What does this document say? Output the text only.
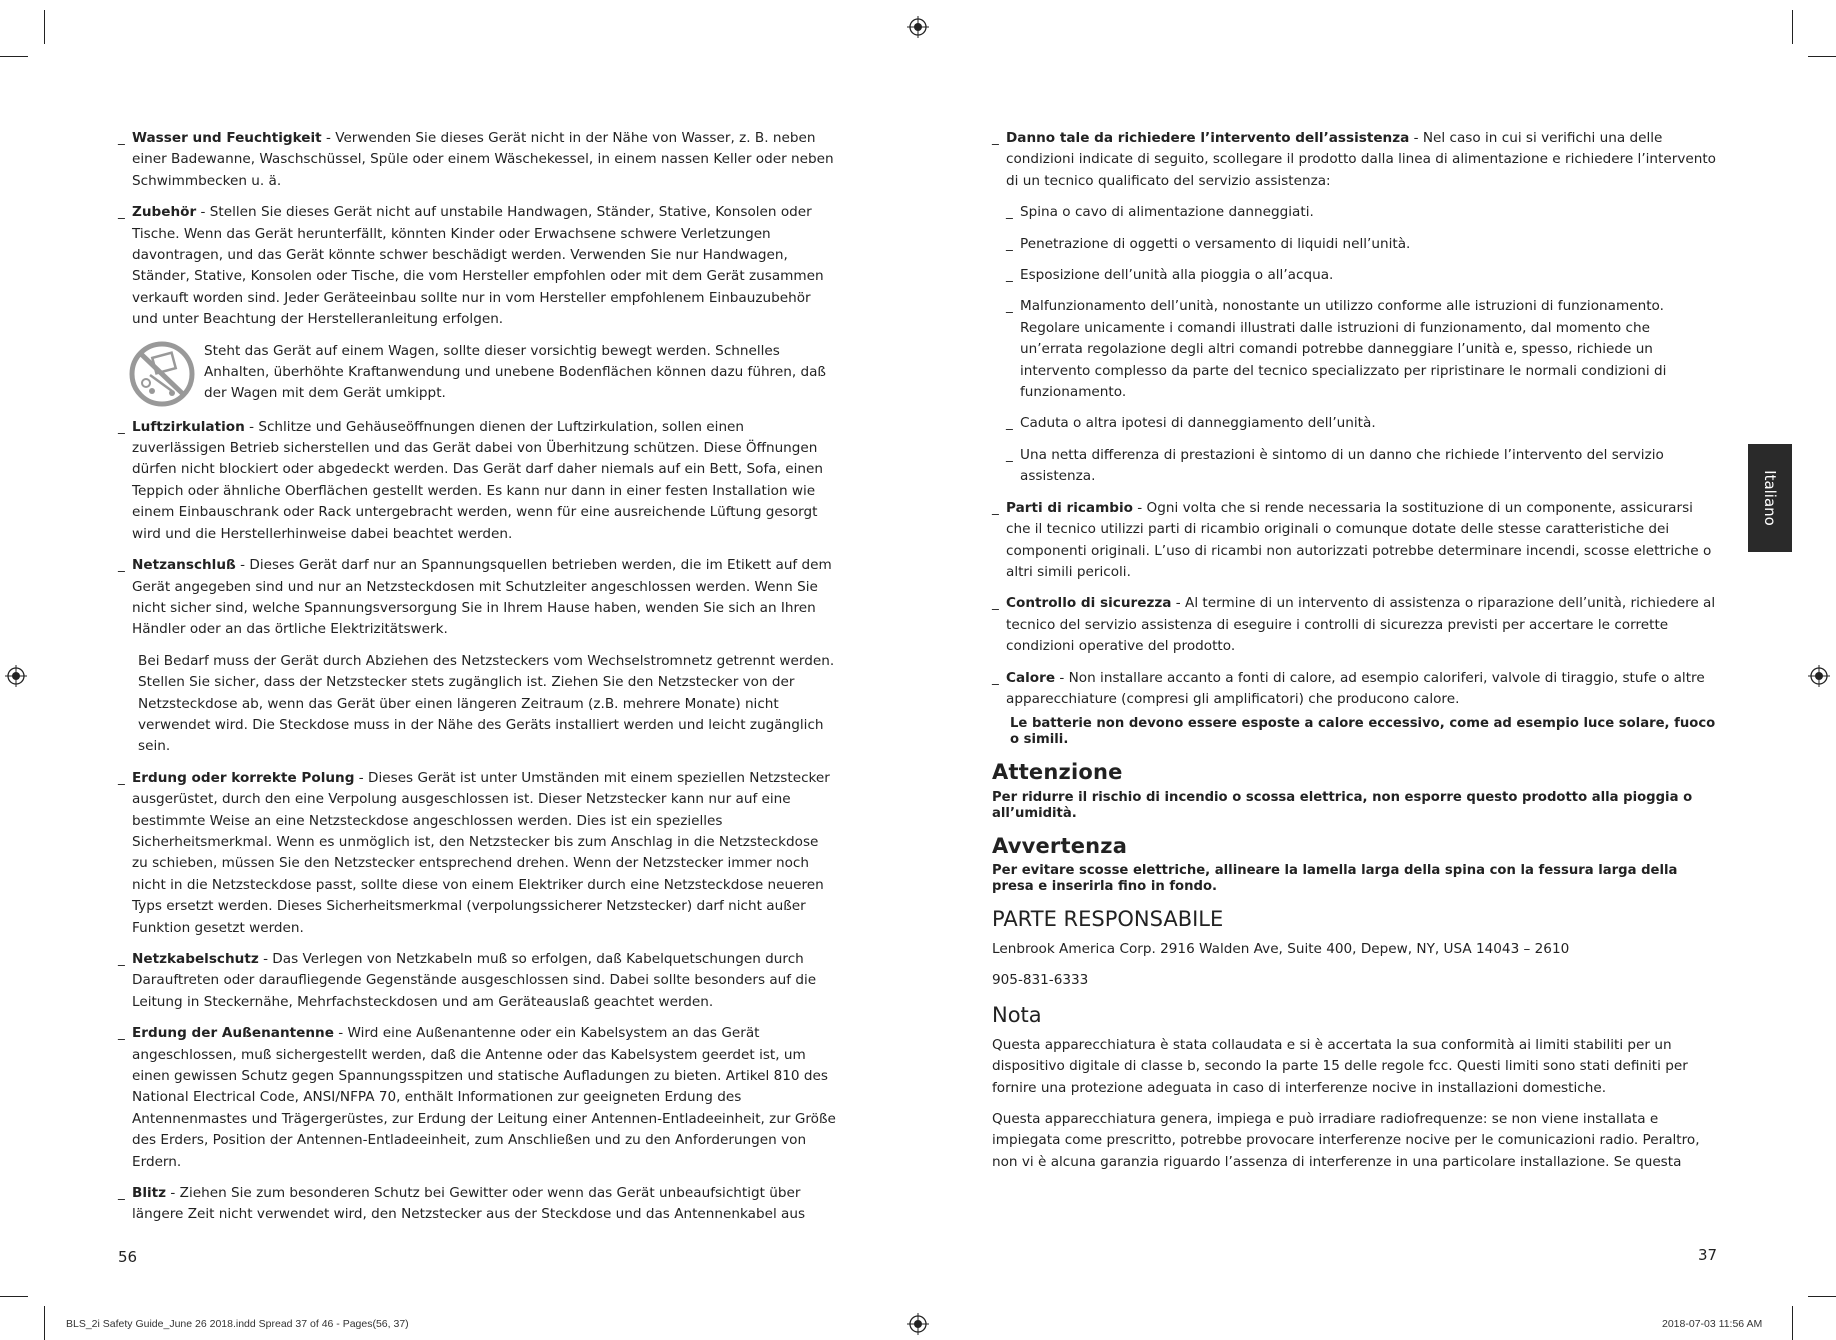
_ Wasser und Feuchtigkeit - Verwenden Sie dieses Gerät nicht in der Nähe von Wasser, z. B. neben einer Badewanne, Waschschüssel, Spüle oder einem Wäschekessel, in einem nassen Keller oder neben Schwimmbecken u. ä.

_ Zubehör - Stellen Sie dieses Gerät nicht auf unstabile Handwagen, Ständer, Stative, Konsolen oder Tische. Wenn das Gerät herunterfällt, könnten Kinder oder Erwachsene schwere Verletzungen davontragen, und das Gerät könnte schwer beschädigt werden. Verwenden Sie nur Handwagen, Ständer, Stative, Konsolen oder Tische, die vom Hersteller empfohlen oder mit dem Gerät zusammen verkauft worden sind. Jeder Geräteeinbau sollte nur in vom Hersteller empfohlenem Einbauzubehör und unter Beachtung der Herstelleranleitung erfolgen.

Steht das Gerät auf einem Wagen, sollte dieser vorsichtig bewegt werden. Schnelles Anhalten, überhöhte Kraftanwendung und unebene Bodenflächen können dazu führen, daß der Wagen mit dem Gerät umkippt.

_ Luftzirkulation - Schlitze und Gehäuseöffnungen dienen der Luftzirkulation, sollen einen zuverlässigen Betrieb sicherstellen und das Gerät dabei von Überhitzung schützen. Diese Öffnungen dürfen nicht blockiert oder abgedeckt werden. Das Gerät darf daher niemals auf ein Bett, Sofa, einen Teppich oder ähnliche Oberflächen gestellt werden. Es kann nur dann in einer festen Installation wie einem Einbauschrank oder Rack untergebracht werden, wenn für eine ausreichende Lüftung gesorgt wird und die Herstellerhinweise dabei beachtet werden.

_ Netzanschluß - Dieses Gerät darf nur an Spannungsquellen betrieben werden, die im Etikett auf dem Gerät angegeben sind und nur an Netzsteckdosen mit Schutzleiter angeschlossen werden. Wenn Sie nicht sicher sind, welche Spannungsversorgung Sie in Ihrem Hause haben, wenden Sie sich an Ihren Händler oder an das örtliche Elektrizitätswerk.

Bei Bedarf muss der Gerät durch Abziehen des Netzsteckers vom Wechselstromnetz getrennt werden. Stellen Sie sicher, dass der Netzstecker stets zugänglich ist. Ziehen Sie den Netzstecker von der Netzsteckdose ab, wenn das Gerät über einen längeren Zeitraum (z.B. mehrere Monate) nicht verwendet wird. Die Steckdose muss in der Nähe des Geräts installiert werden und leicht zugänglich sein.

_ Erdung oder korrekte Polung - Dieses Gerät ist unter Umständen mit einem speziellen Netzstecker ausgerüstet, durch den eine Verpolung ausgeschlossen ist. Dieser Netzstecker kann nur auf eine bestimmte Weise an eine Netzsteckdose angeschlossen werden. Dies ist ein spezielles Sicherheitsmerkmal. Wenn es unmöglich ist, den Netzstecker bis zum Anschlag in die Netzsteckdose zu schieben, müssen Sie den Netzstecker entsprechend drehen. Wenn der Netzstecker immer noch nicht in die Netzsteckdose passt, sollte diese von einem Elektriker durch eine Netzsteckdose neueren Typs ersetzt werden. Dieses Sicherheitsmerkmal (verpolungssicherer Netzstecker) darf nicht außer Funktion gesetzt werden.

_ Netzkabelschutz - Das Verlegen von Netzkabeln muß so erfolgen, daß Kabelquetschungen durch Darauftreten oder daraufliegende Gegenstände ausgeschlossen sind. Dabei sollte besonders auf die Leitung in Steckernähe, Mehrfachsteckdosen und am Geräteauslaß geachtet werden.

_ Erdung der Außenantenne - Wird eine Außenantenne oder ein Kabelsystem an das Gerät angeschlossen, muß sichergestellt werden, daß die Antenne oder das Kabelsystem geerdet ist, um einen gewissen Schutz gegen Spannungsspitzen und statische Aufladungen zu bieten. Artikel 810 des National Electrical Code, ANSI/NFPA 70, enthält Informationen zur geeigneten Erdung des Antennenmastes und Trägergerüstes, zur Erdung der Leitung einer Antennen-Entladeeinheit, zur Größe des Erders, Position der Antennen-Entladeeinheit, zum Anschließen und zu den Anforderungen von Erdern.

_ Blitz - Ziehen Sie zum besonderen Schutz bei Gewitter oder wenn das Gerät unbeaufsichtigt über längere Zeit nicht verwendet wird, den Netzstecker aus der Steckdose und das Antennenkabel aus

56

_ Danno tale da richiedere l’intervento dell’assistenza - Nel caso in cui si verifichi una delle condizioni indicate di seguito, scollegare il prodotto dalla linea di alimentazione e richiedere l’intervento di un tecnico qualificato del servizio assistenza:

_ Spina o cavo di alimentazione danneggiati.

_ Penetrazione di oggetti o versamento di liquidi nell’unità.

_ Esposizione dell’unità alla pioggia o all’acqua.

_ Malfunzionamento dell’unità, nonostante un utilizzo conforme alle istruzioni di funzionamento. Regolare unicamente i comandi illustrati dalle istruzioni di funzionamento, dal momento che un’errata regolazione degli altri comandi potrebbe danneggiare l’unità e, spesso, richiede un intervento complesso da parte del tecnico specializzato per ripristinare le normali condizioni di funzionamento.

_ Caduta o altra ipotesi di danneggiamento dell’unità.

_ Una netta differenza di prestazioni è sintomo di un danno che richiede l’intervento del servizio assistenza.

_ Parti di ricambio - Ogni volta che si rende necessaria la sostituzione di un componente, assicurarsi che il tecnico utilizzi parti di ricambio originali o comunque dotate delle stesse caratteristiche dei componenti originali. L’uso di ricambi non autorizzati potrebbe determinare incendi, scosse elettriche o altri simili pericoli.

_ Controllo di sicurezza - Al termine di un intervento di assistenza o riparazione dell’unità, richiedere al tecnico del servizio assistenza di eseguire i controlli di sicurezza previsti per accertare le corrette condizioni operative del prodotto.

_ Calore - Non installare accanto a fonti di calore, ad esempio caloriferi, valvole di tiraggio, stufe o altre apparecchiature (compresi gli amplificatori) che producono calore.

Le batterie non devono essere esposte a calore eccessivo, come ad esempio luce solare, fuoco o simili.

Attenzione

Per ridurre il rischio di incendio o scossa elettrica, non esporre questo prodotto alla pioggia o all’umidità.

Avvertenza

Per evitare scosse elettriche, allineare la lamella larga della spina con la fessura larga della presa e inserirla fino in fondo.

PARTE RESPONSABILE

Lenbrook America Corp. 2916 Walden Ave, Suite 400, Depew, NY, USA 14043 – 2610

905-831-6333

Nota

Questa apparecchiatura è stata collaudata e si è accertata la sua conformità ai limiti stabiliti per un dispositivo digitale di classe b, secondo la parte 15 delle regole fcc. Questi limiti sono stati definiti per fornire una protezione adeguata in caso di interferenze nocive in installazioni domestiche.

Questa apparecchiatura genera, impiega e può irradiare radiofrequenze: se non viene installata e impiegata come prescritto, potrebbe provocare interferenze nocive per le comunicazioni radio. Peraltro, non vi è alcuna garanzia riguardo l’assenza di interferenze in una particolare installazione. Se questa

37
Italiano
BLS_2i Safety Guide_June 26 2018.indd Spread 37 of 46 - Pages(56, 37)	2018-07-03 11:56 AM
